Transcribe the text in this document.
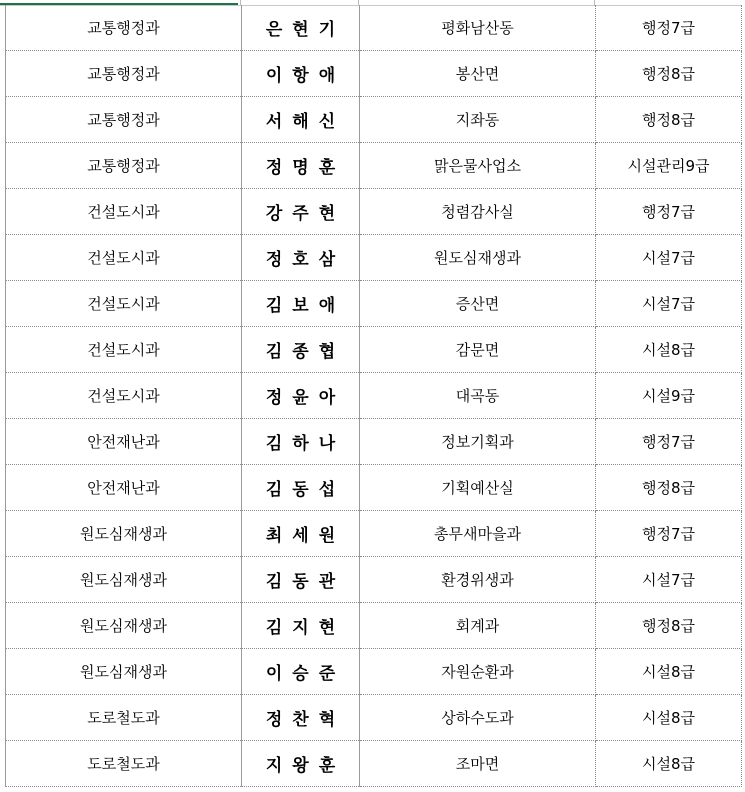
교통행정과	은현기	평화남산동	행정7급
교통행정과	이항애	봉산면	행정8급
교통행정과	서해신	지좌동	행정8급
교통행정과	정명훈	맑은물사업소	시설관리9급
건설도시과	강주현	청렴감사실	행정7급
건설도시과	정호삼	원도심재생과	시설7급
건설도시과	김보애	증산면	시설7급
건설도시과	김종협	감문면	시설8급
건설도시과	정윤아	대곡동	시설9급
안전재난과	김하나	정보기획과	행정7급
안전재난과	김동섭	기획예산실	행정8급
원도심재생과	최세원	총무새마을과	행정7급
원도심재생과	김동관	환경위생과	시설7급
원도심재생과	김지현	회계과	행정8급
원도심재생과	이승준	자원순환과	시설8급
도로철도과	정찬혁	상하수도과	시설8급
도로철도과	지왕훈	조마면	시설8급
